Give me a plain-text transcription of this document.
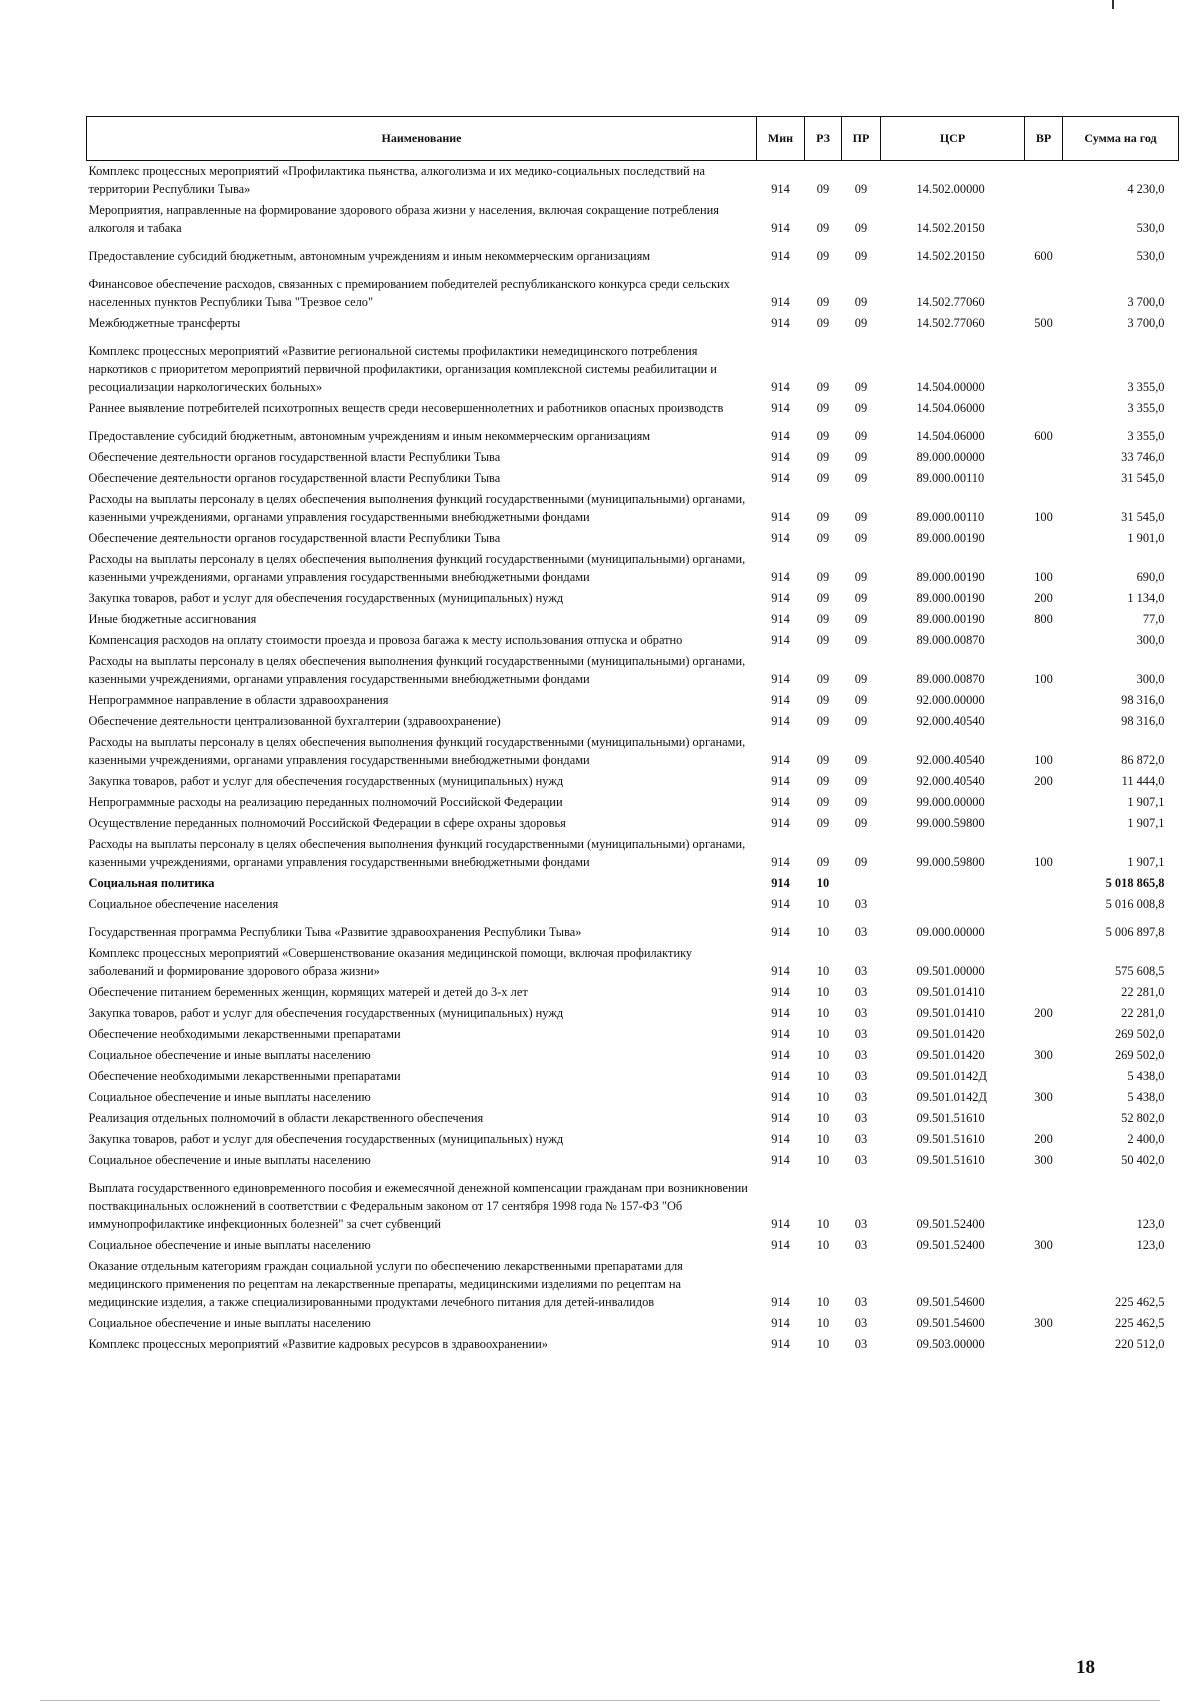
Наименование	Мин	РЗ	ПР	ЦСР	ВР	Сумма на год
Комплекс процессных мероприятий «Профилактика пьянства, алкоголизма и их медико-социальных последствий на территории Республики Тыва»	914	09	09	14.502.00000		4 230,0
Мероприятия, направленные на формирование здорового образа жизни у населения, включая сокращение потребления алкоголя и табака	914	09	09	14.502.20150		530,0
Предоставление субсидий бюджетным, автономным учреждениям и иным некоммерческим организациям	914	09	09	14.502.20150	600	530,0
Финансовое обеспечение расходов, связанных с премированием победителей республиканского конкурса среди сельских населенных пунктов Республики Тыва "Трезвое село"	914	09	09	14.502.77060		3 700,0
Межбюджетные трансферты	914	09	09	14.502.77060	500	3 700,0
Комплекс процессных мероприятий «Развитие региональной системы профилактики немедицинского потребления наркотиков с приоритетом мероприятий первичной профилактики, организация комплексной системы реабилитации и ресоциализации наркологических больных»	914	09	09	14.504.00000		3 355,0
Раннее выявление потребителей психотропных веществ среди несовершеннолетних и работников опасных производств	914	09	09	14.504.06000		3 355,0
Предоставление субсидий бюджетным, автономным учреждениям и иным некоммерческим организациям	914	09	09	14.504.06000	600	3 355,0
Обеспечение деятельности органов государственной власти Республики Тыва	914	09	09	89.000.00000		33 746,0
Обеспечение деятельности органов государственной власти Республики Тыва	914	09	09	89.000.00110		31 545,0
Расходы на выплаты персоналу в целях обеспечения выполнения функций государственными (муниципальными) органами, казенными учреждениями, органами управления государственными внебюджетными фондами	914	09	09	89.000.00110	100	31 545,0
Обеспечение деятельности органов государственной власти Республики Тыва	914	09	09	89.000.00190		1 901,0
Расходы на выплаты персоналу в целях обеспечения выполнения функций государственными (муниципальными) органами, казенными учреждениями, органами управления государственными внебюджетными фондами	914	09	09	89.000.00190	100	690,0
Закупка товаров, работ и услуг для обеспечения государственных (муниципальных) нужд	914	09	09	89.000.00190	200	1 134,0
Иные бюджетные ассигнования	914	09	09	89.000.00190	800	77,0
Компенсация расходов на оплату стоимости проезда и провоза багажа к месту использования отпуска и обратно	914	09	09	89.000.00870		300,0
Расходы на выплаты персоналу в целях обеспечения выполнения функций государственными (муниципальными) органами, казенными учреждениями, органами управления государственными внебюджетными фондами	914	09	09	89.000.00870	100	300,0
Непрограммное направление в области здравоохранения	914	09	09	92.000.00000		98 316,0
Обеспечение деятельности централизованной бухгалтерии (здравоохранение)	914	09	09	92.000.40540		98 316,0
Расходы на выплаты персоналу в целях обеспечения выполнения функций государственными (муниципальными) органами, казенными учреждениями, органами управления государственными внебюджетными фондами	914	09	09	92.000.40540	100	86 872,0
Закупка товаров, работ и услуг для обеспечения государственных (муниципальных) нужд	914	09	09	92.000.40540	200	11 444,0
Непрограммные расходы на реализацию переданных полномочий Российской Федерации	914	09	09	99.000.00000		1 907,1
Осуществление переданных полномочий Российской Федерации в сфере охраны здоровья	914	09	09	99.000.59800		1 907,1
Расходы на выплаты персоналу в целях обеспечения выполнения функций государственными (муниципальными) органами, казенными учреждениями, органами управления государственными внебюджетными фондами	914	09	09	99.000.59800	100	1 907,1
Социальная политика	914	10				5 018 865,8
Социальное обеспечение населения	914	10	03			5 016 008,8
Государственная программа Республики Тыва «Развитие здравоохранения Республики Тыва»	914	10	03	09.000.00000		5 006 897,8
Комплекс процессных мероприятий «Совершенствование оказания медицинской помощи, включая профилактику заболеваний и формирование здорового образа жизни»	914	10	03	09.501.00000		575 608,5
Обеспечение питанием беременных женщин, кормящих матерей и детей до 3-х лет	914	10	03	09.501.01410		22 281,0
Закупка товаров, работ и услуг для обеспечения государственных (муниципальных) нужд	914	10	03	09.501.01410	200	22 281,0
Обеспечение необходимыми лекарственными препаратами	914	10	03	09.501.01420		269 502,0
Социальное обеспечение и иные выплаты населению	914	10	03	09.501.01420	300	269 502,0
Обеспечение необходимыми лекарственными препаратами	914	10	03	09.501.0142Д		5 438,0
Социальное обеспечение и иные выплаты населению	914	10	03	09.501.0142Д	300	5 438,0
Реализация отдельных полномочий в области лекарственного обеспечения	914	10	03	09.501.51610		52 802,0
Закупка товаров, работ и услуг для обеспечения государственных (муниципальных) нужд	914	10	03	09.501.51610	200	2 400,0
Социальное обеспечение и иные выплаты населению	914	10	03	09.501.51610	300	50 402,0
Выплата государственного единовременного пособия и ежемесячной денежной компенсации гражданам при возникновении поствакцинальных осложнений в соответствии с Федеральным законом от 17 сентября 1998 года № 157-ФЗ "Об иммунопрофилактике инфекционных болезней" за счет субвенций	914	10	03	09.501.52400		123,0
Социальное обеспечение и иные выплаты населению	914	10	03	09.501.52400	300	123,0
Оказание отдельным категориям граждан социальной услуги по обеспечению лекарственными препаратами для медицинского применения по рецептам на лекарственные препараты, медицинскими изделиями по рецептам на медицинские изделия, а также специализированными продуктами лечебного питания для детей-инвалидов	914	10	03	09.501.54600		225 462,5
Социальное обеспечение и иные выплаты населению	914	10	03	09.501.54600	300	225 462,5
Комплекс процессных мероприятий «Развитие кадровых ресурсов в здравоохранении»	914	10	03	09.503.00000		220 512,0
18
